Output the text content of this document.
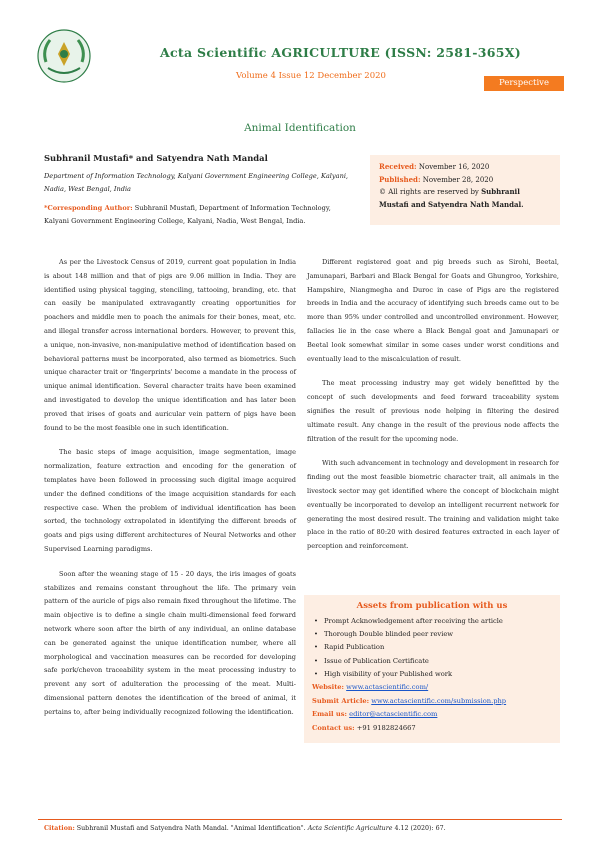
Acta Scientific AGRICULTURE (ISSN: 2581-365X)
Volume 4 Issue 12 December 2020
Perspective
Animal Identification
Subhranil Mustafi* and Satyendra Nath Mandal
Department of Information Technology, Kalyani Government Engineering College, Kalyani, Nadia, West Bengal, India
*Corresponding Author: Subhranil Mustafi, Department of Information Technology, Kalyani Government Engineering College, Kalyani, Nadia, West Bengal, India.
Received: November 16, 2020
Published: November 28, 2020
© All rights are reserved by Subhranil Mustafi and Satyendra Nath Mandal.

As per the Livestock Census of 2019, current goat population in India is about 148 million and that of pigs are 9.06 million in India. They are identified using physical tagging, stenciling, tattooing, branding, etc. that can easily be manipulated extravagantly creating opportunities for poachers and middle men to poach the animals for their bones, meat, etc. and illegal transfer across international borders. However, to prevent this, a unique, non-invasive, non-manipulative method of identification based on behavioral patterns must be incorporated, also termed as biometrics. Such unique character trait or 'fingerprints' become a mandate in the process of unique animal identification. Several character traits have been examined and investigated to develop the unique identification and has later been proved that irises of goats and auricular vein pattern of pigs have been found to be the most feasible one in such identification.

The basic steps of image acquisition, image segmentation, image normalization, feature extraction and encoding for the generation of templates have been followed in processing such digital image acquired under the defined conditions of the image acquisition standards for each respective case. When the problem of individual identification has been sorted, the technology extrapolated in identifying the different breeds of goats and pigs using different architectures of Neural Networks and other Supervised Learning paradigms.

Soon after the weaning stage of 15 - 20 days, the iris images of goats stabilizes and remains constant throughout the life. The primary vein pattern of the auricle of pigs also remain fixed throughout the lifetime. The main objective is to define a single chain multi-dimensional feed forward network where soon after the birth of any individual, an online database can be generated against the unique identification number, where all morphological and vaccination measures can be recorded for developing safe pork/chevon traceability system in the meat processing industry to prevent any sort of adulteration the processing of the meat. Multi-dimensional pattern denotes the identification of the breed of animal, it pertains to, after being individually recognized following the identification.

Different registered goat and pig breeds such as Sirohi, Beetal, Jamunapari, Barbari and Black Bengal for Goats and Ghungroo, Yorkshire, Hampshire, Niangmegha and Duroc in case of Pigs are the registered breeds in India and the accuracy of identifying such breeds came out to be more than 95% under controlled and uncontrolled environment. However, fallacies lie in the case where a Black Bengal goat and Jamunapari or Beetal look somewhat similar in some cases under worst conditions and eventually lead to the miscalculation of result.

The meat processing industry may get widely benefitted by the concept of such developments and feed forward traceability system signifies the result of previous node helping in filtering the desired ultimate result. Any change in the result of the previous node affects the filtration of the result for the upcoming node.

With such advancement in technology and development in research for finding out the most feasible biometric character trait, all animals in the livestock sector may get identified where the concept of blockchain might eventually be incorporated to develop an intelligent recurrent network for generating the most desired result. The training and validation might take place in the ratio of 80:20 with desired features extracted in each layer of perception and reinforcement.

Assets from publication with us
• Prompt Acknowledgement after receiving the article
• Thorough Double blinded peer review
• Rapid Publication
• Issue of Publication Certificate
• High visibility of your Published work
Website: www.actascientific.com/
Submit Article: www.actascientific.com/submission.php
Email us: editor@actascientific.com
Contact us: +91 9182824667
Citation: Subhranil Mustafi and Satyendra Nath Mandal. "Animal Identification". Acta Scientific Agriculture 4.12 (2020): 67.
